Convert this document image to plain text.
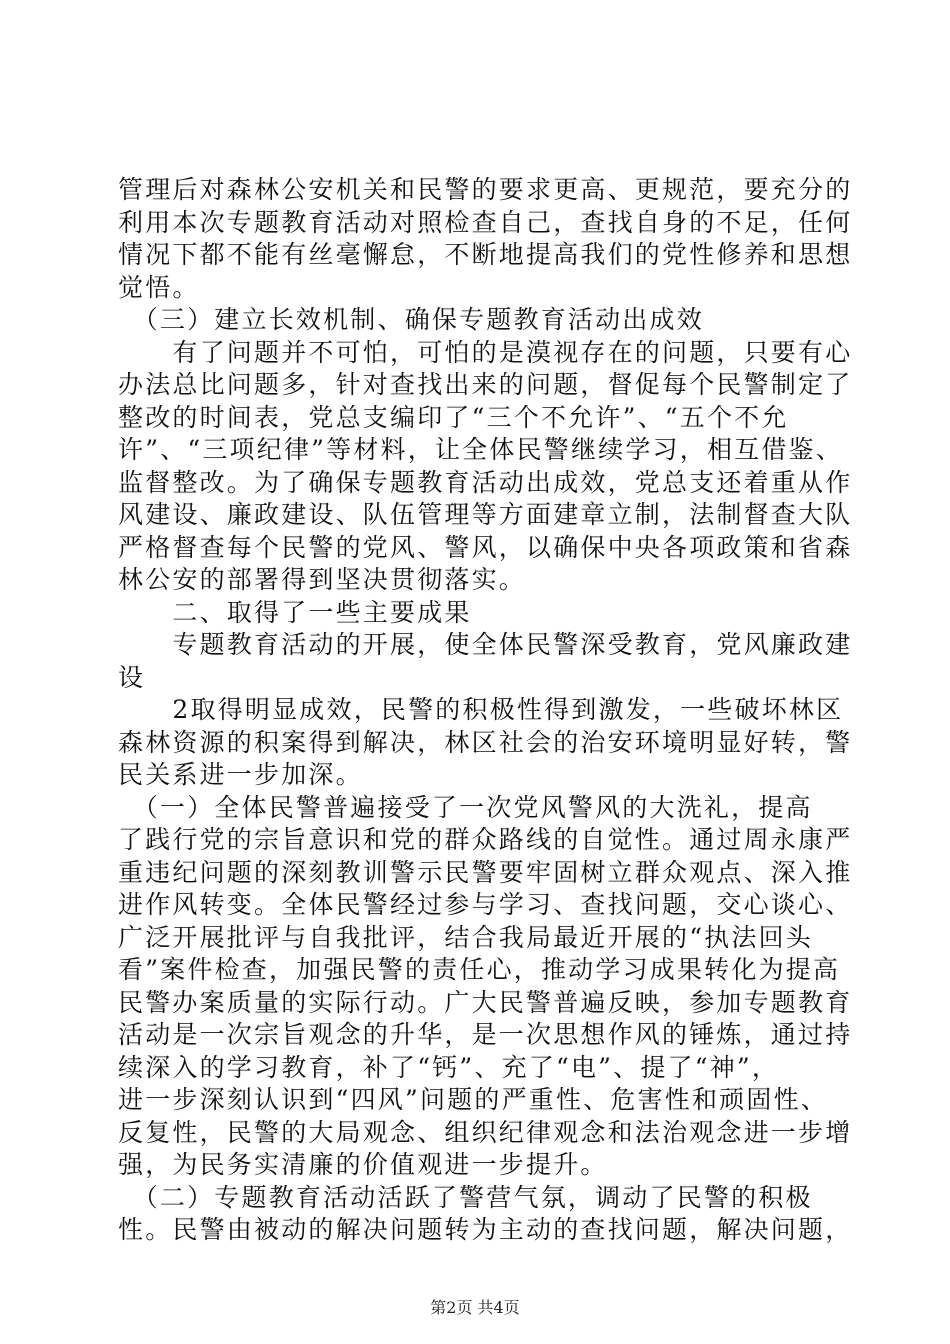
管理后对森林公安机关和民警的要求更高、更规范，要充分的
利用本次专题教育活动对照检查自己，查找自身的不足，任何
情况下都不能有丝毫懈怠，不断地提高我们的党性修养和思想
觉悟。
　（三）建立长效机制、确保专题教育活动出成效
　　有了问题并不可怕，可怕的是漠视存在的问题，只要有心
办法总比问题多，针对查找出来的问题，督促每个民警制定了
整改的时间表，党总支编印了“三个不允许”、“五个不允
许”、“三项纪律”等材料，让全体民警继续学习，相互借鉴、
监督整改。为了确保专题教育活动出成效，党总支还着重从作
风建设、廉政建设、队伍管理等方面建章立制，法制督查大队
严格督查每个民警的党风、警风，以确保中央各项政策和省森
林公安的部署得到坚决贯彻落实。
　　二、取得了一些主要成果
　　专题教育活动的开展，使全体民警深受教育，党风廉政建
设
　　2取得明显成效，民警的积极性得到激发，一些破坏林区
森林资源的积案得到解决，林区社会的治安环境明显好转，警
民关系进一步加深。
　（一）全体民警普遍接受了一次党风警风的大洗礼，提高
了践行党的宗旨意识和党的群众路线的自觉性。通过周永康严
重违纪问题的深刻教训警示民警要牢固树立群众观点、深入推
进作风转变。全体民警经过参与学习、查找问题，交心谈心、
广泛开展批评与自我批评，结合我局最近开展的“执法回头
看”案件检查，加强民警的责任心，推动学习成果转化为提高
民警办案质量的实际行动。广大民警普遍反映，参加专题教育
活动是一次宗旨观念的升华，是一次思想作风的锤炼，通过持
续深入的学习教育，补了“钙”、充了“电”、提了“神”，
进一步深刻认识到“四风”问题的严重性、危害性和顽固性、
反复性，民警的大局观念、组织纪律观念和法治观念进一步增
强，为民务实清廉的价值观进一步提升。
　（二）专题教育活动活跃了警营气氛，调动了民警的积极
性。民警由被动的解决问题转为主动的查找问题，解决问题，
第2页 共4页
